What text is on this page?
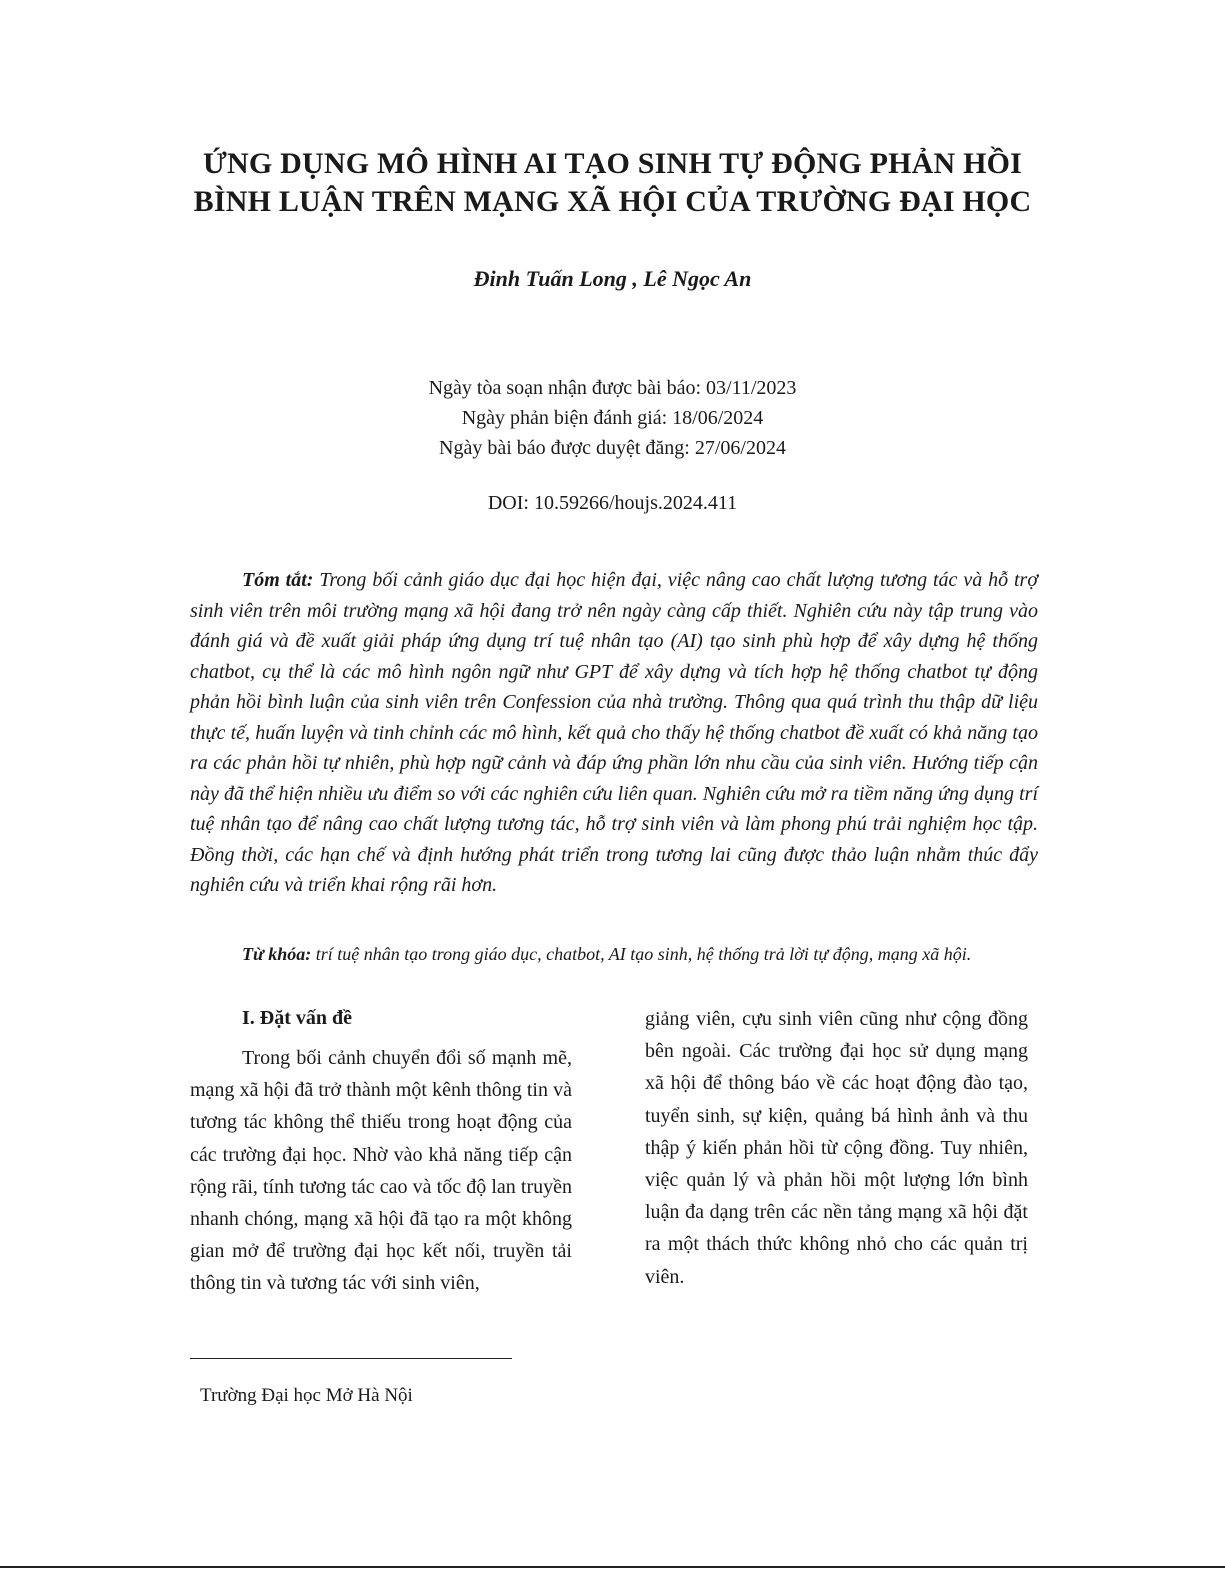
ỨNG DỤNG MÔ HÌNH AI TẠO SINH TỰ ĐỘNG PHẢN HỒI
BÌNH LUẬN TRÊN MẠNG XÃ HỘI CỦA TRƯỜNG ĐẠI HỌC
Đinh Tuấn Long , Lê Ngọc An
Ngày tòa soạn nhận được bài báo: 03/11/2023
Ngày phản biện đánh giá: 18/06/2024
Ngày bài báo được duyệt đăng: 27/06/2024
DOI: 10.59266/houjs.2024.411

Tóm tắt: Trong bối cảnh giáo dục đại học hiện đại, việc nâng cao chất lượng tương tác và hỗ trợ sinh viên trên môi trường mạng xã hội đang trở nên ngày càng cấp thiết. Nghiên cứu này tập trung vào đánh giá và đề xuất giải pháp ứng dụng trí tuệ nhân tạo (AI) tạo sinh phù hợp để xây dựng hệ thống chatbot, cụ thể là các mô hình ngôn ngữ như GPT để xây dựng và tích hợp hệ thống chatbot tự động phản hồi bình luận của sinh viên trên Confession của nhà trường. Thông qua quá trình thu thập dữ liệu thực tế, huấn luyện và tinh chỉnh các mô hình, kết quả cho thấy hệ thống chatbot đề xuất có khả năng tạo ra các phản hồi tự nhiên, phù hợp ngữ cảnh và đáp ứng phần lớn nhu cầu của sinh viên. Hướng tiếp cận này đã thể hiện nhiều ưu điểm so với các nghiên cứu liên quan. Nghiên cứu mở ra tiềm năng ứng dụng trí tuệ nhân tạo để nâng cao chất lượng tương tác, hỗ trợ sinh viên và làm phong phú trải nghiệm học tập. Đồng thời, các hạn chế và định hướng phát triển trong tương lai cũng được thảo luận nhằm thúc đẩy nghiên cứu và triển khai rộng rãi hơn.

Từ khóa: trí tuệ nhân tạo trong giáo dục, chatbot, AI tạo sinh, hệ thống trả lời tự động, mạng xã hội.

I. Đặt vấn đề

Trong bối cảnh chuyển đổi số mạnh mẽ, mạng xã hội đã trở thành một kênh thông tin và tương tác không thể thiếu trong hoạt động của các trường đại học. Nhờ vào khả năng tiếp cận rộng rãi, tính tương tác cao và tốc độ lan truyền nhanh chóng, mạng xã hội đã tạo ra một không gian mở để trường đại học kết nối, truyền tải thông tin và tương tác với sinh viên,

giảng viên, cựu sinh viên cũng như cộng đồng bên ngoài. Các trường đại học sử dụng mạng xã hội để thông báo về các hoạt động đào tạo, tuyển sinh, sự kiện, quảng bá hình ảnh và thu thập ý kiến phản hồi từ cộng đồng. Tuy nhiên, việc quản lý và phản hồi một lượng lớn bình luận đa dạng trên các nền tảng mạng xã hội đặt ra một thách thức không nhỏ cho các quản trị viên.

Trường Đại học Mở Hà Nội
